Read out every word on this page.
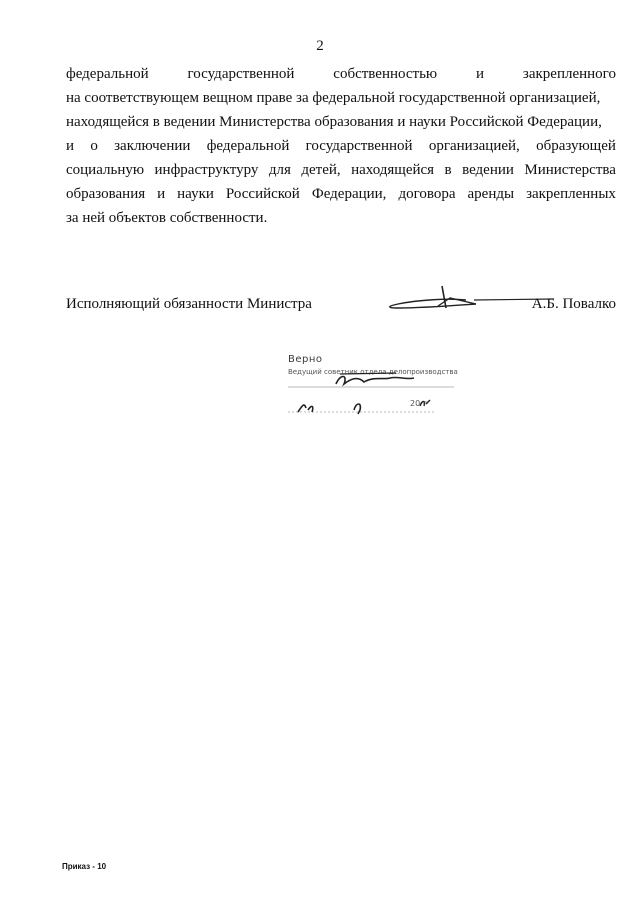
2
федеральной	государственной	собственностью	и	закрепленного
на соответствующем вещном праве за федеральной государственной организацией,
находящейся в ведении Министерства образования и науки Российской Федерации,
и о заключении федеральной государственной организацией, образующей
социальную инфраструктуру для детей, находящейся в ведении Министерства
образования и науки Российской Федерации, договора аренды закрепленных
за ней объектов собственности.
Исполняющий обязанности Министра	А.Б. Повалко
Верно
Ведущий советник отдела делопроизводства
20 г
Приказ - 10
